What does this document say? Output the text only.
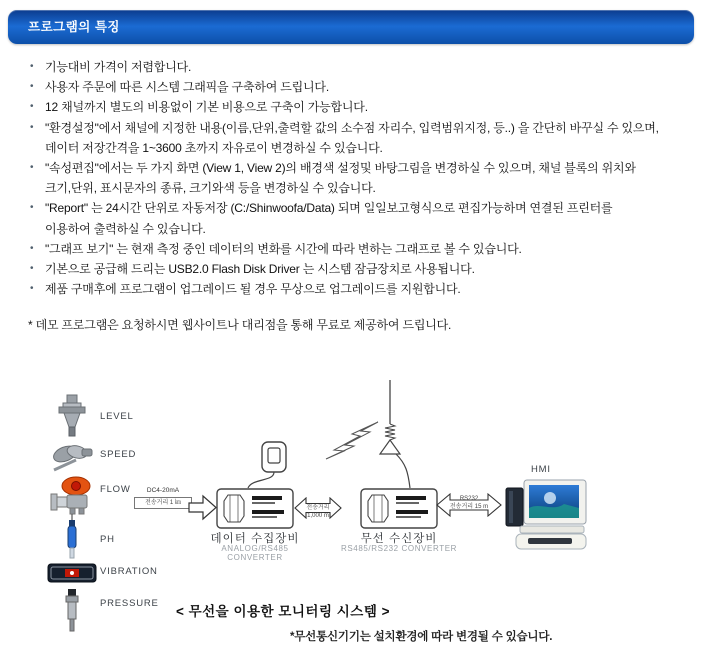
프로그램의 특징
• 기능대비 가격이 저렴합니다.
• 사용자 주문에 따른 시스템 그래픽을 구축하여 드립니다.
• 12 채널까지 별도의 비용없이 기본 비용으로 구축이 가능합니다.
• "환경설정"에서 채널에 지정한 내용(이름,단위,출력할 값의 소수점 자리수, 입력범위지정, 등..) 을 간단히 바꾸실 수 있으며,
데이터 저장간격을 1~3600 초까지 자유로이 변경하실 수 있습니다.
• "속성편집"에서는 두 가지 화면 (View 1, View 2)의 배경색 설정및 바탕그림을 변경하실 수 있으며, 채널 블록의 위치와
크기,단위, 표시문자의 종류, 크기와색 등을 변경하실 수 있습니다.
• "Report" 는 24시간 단위로 자동저장 (C:/Shinwoofa/Data) 되며 일일보고형식으로 편집가능하며 연결된 프린터를
이용하여 출력하실 수 있습니다.
• "그래프 보기" 는 현재 측정 중인 데이터의 변화를 시간에 따라 변하는 그래프로 볼 수 있습니다.
• 기본으로 공급해 드리는 USB2.0 Flash Disk Driver 는 시스템 잠금장치로 사용됩니다.
• 제품 구매후에 프로그램이 업그레이드 될 경우 무상으로 업그레이드를 지원합니다.
* 데모 프로그램은 요청하시면 웹사이트나 대리점을 통해 무료로 제공하여 드립니다.
LEVEL
SPEED
FLOW
PH
VIBRATION
PRESSURE
DC4-20mA
전송거리 1 ㎞
데이터 수집장비
ANALOG/RS485 CONVERTER
전송거리 1,000 m
무선 수신장비
RS485/RS232 CONVERTER
RS232
전송거리 15 m
HMI
< 무선을 이용한 모니터링 시스템 >
*무선통신기기는 설치환경에 따라 변경될 수 있습니다.
